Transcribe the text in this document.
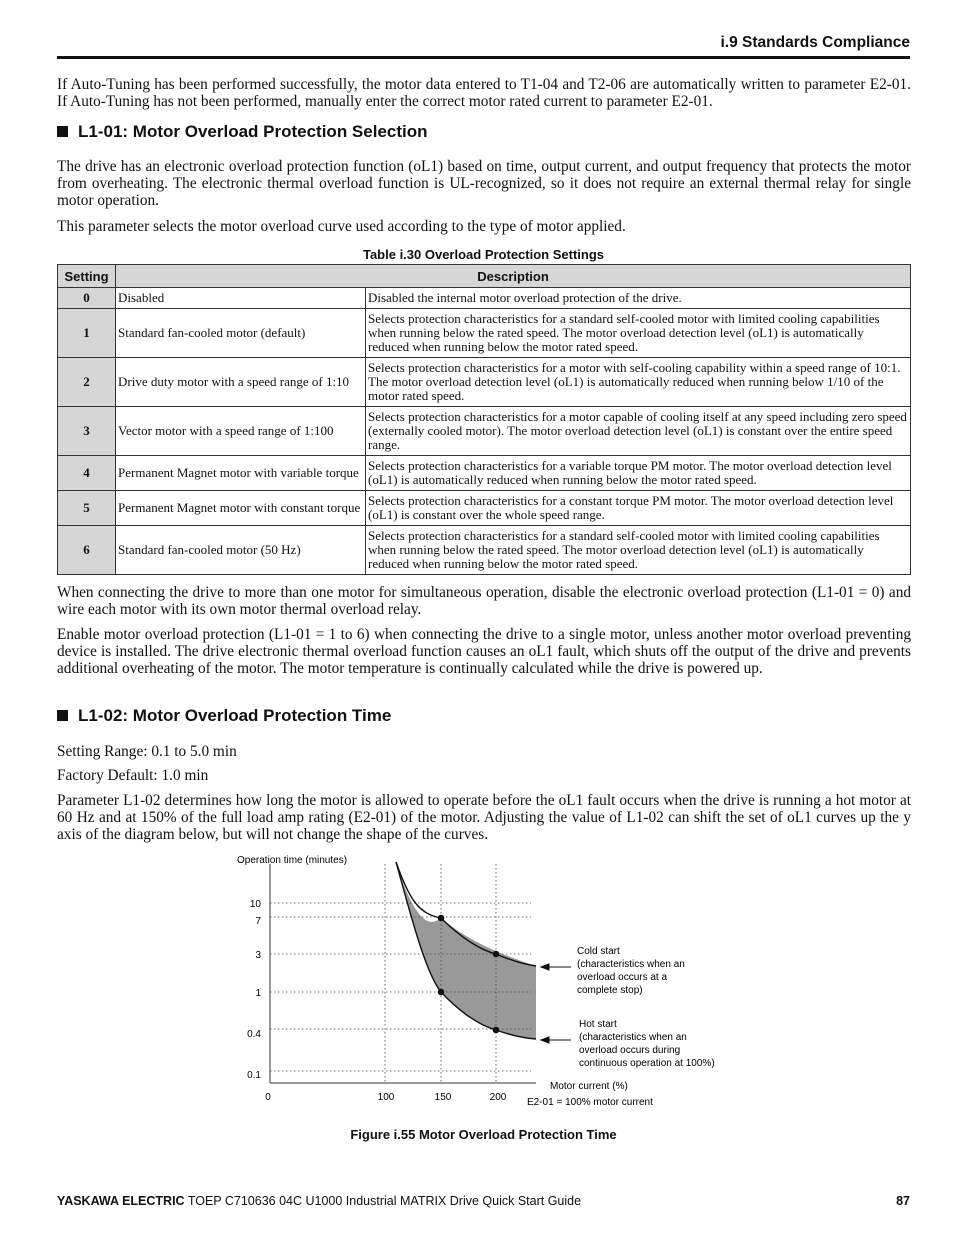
i.9 Standards Compliance

If Auto-Tuning has been performed successfully, the motor data entered to T1-04 and T2-06 are automatically written to parameter E2-01. If Auto-Tuning has not been performed, manually enter the correct motor rated current to parameter E2-01.

L1-01: Motor Overload Protection Selection

The drive has an electronic overload protection function (oL1) based on time, output current, and output frequency that protects the motor from overheating. The electronic thermal overload function is UL-recognized, so it does not require an external thermal relay for single motor operation.

This parameter selects the motor overload curve used according to the type of motor applied.

Table i.30 Overload Protection Settings
Setting	Description	
0	Disabled	Disabled the internal motor overload protection of the drive.
1	Standard fan-cooled motor (default)	Selects protection characteristics for a standard self-cooled motor with limited cooling capabilities when running below the rated speed. The motor overload detection level (oL1) is automatically reduced when running below the motor rated speed.
2	Drive duty motor with a speed range of 1:10	Selects protection characteristics for a motor with self-cooling capability within a speed range of 10:1. The motor overload detection level (oL1) is automatically reduced when running below 1/10 of the motor rated speed.
3	Vector motor with a speed range of 1:100	Selects protection characteristics for a motor capable of cooling itself at any speed including zero speed (externally cooled motor). The motor overload detection level (oL1) is constant over the entire speed range.
4	Permanent Magnet motor with variable torque	Selects protection characteristics for a variable torque PM motor. The motor overload detection level (oL1) is automatically reduced when running below the motor rated speed.
5	Permanent Magnet motor with constant torque	Selects protection characteristics for a constant torque PM motor. The motor overload detection level (oL1) is constant over the whole speed range.
6	Standard fan-cooled motor (50 Hz)	Selects protection characteristics for a standard self-cooled motor with limited cooling capabilities when running below the rated speed. The motor overload detection level (oL1) is automatically reduced when running below the motor rated speed.

When connecting the drive to more than one motor for simultaneous operation, disable the electronic overload protection (L1-01 = 0) and wire each motor with its own motor thermal overload relay.

Enable motor overload protection (L1-01 = 1 to 6) when connecting the drive to a single motor, unless another motor overload preventing device is installed. The drive electronic thermal overload function causes an oL1 fault, which shuts off the output of the drive and prevents additional overheating of the motor. The motor temperature is continually calculated while the drive is powered up.

L1-02: Motor Overload Protection Time

Setting Range: 0.1 to 5.0 min

Factory Default: 1.0 min

Parameter L1-02 determines how long the motor is allowed to operate before the oL1 fault occurs when the drive is running a hot motor at 60 Hz and at 150% of the full load amp rating (E2-01) of the motor. Adjusting the value of L1-02 can shift the set of oL1 curves up the y axis of the diagram below, but will not change the shape of the curves.

Operation time (minutes)
Motor current (%)
E2-01 = 100% motor current
10
7
3
1
0.4
0.1
0	100	150	200
Cold start
(characteristics when an
overload occurs at a
complete stop)
Hot start
(characteristics when an
overload occurs during
continuous operation at 100%)
Figure i.55 Motor Overload Protection Time
YASKAWA ELECTRIC TOEP C710636 04C U1000 Industrial MATRIX Drive Quick Start Guide	87
